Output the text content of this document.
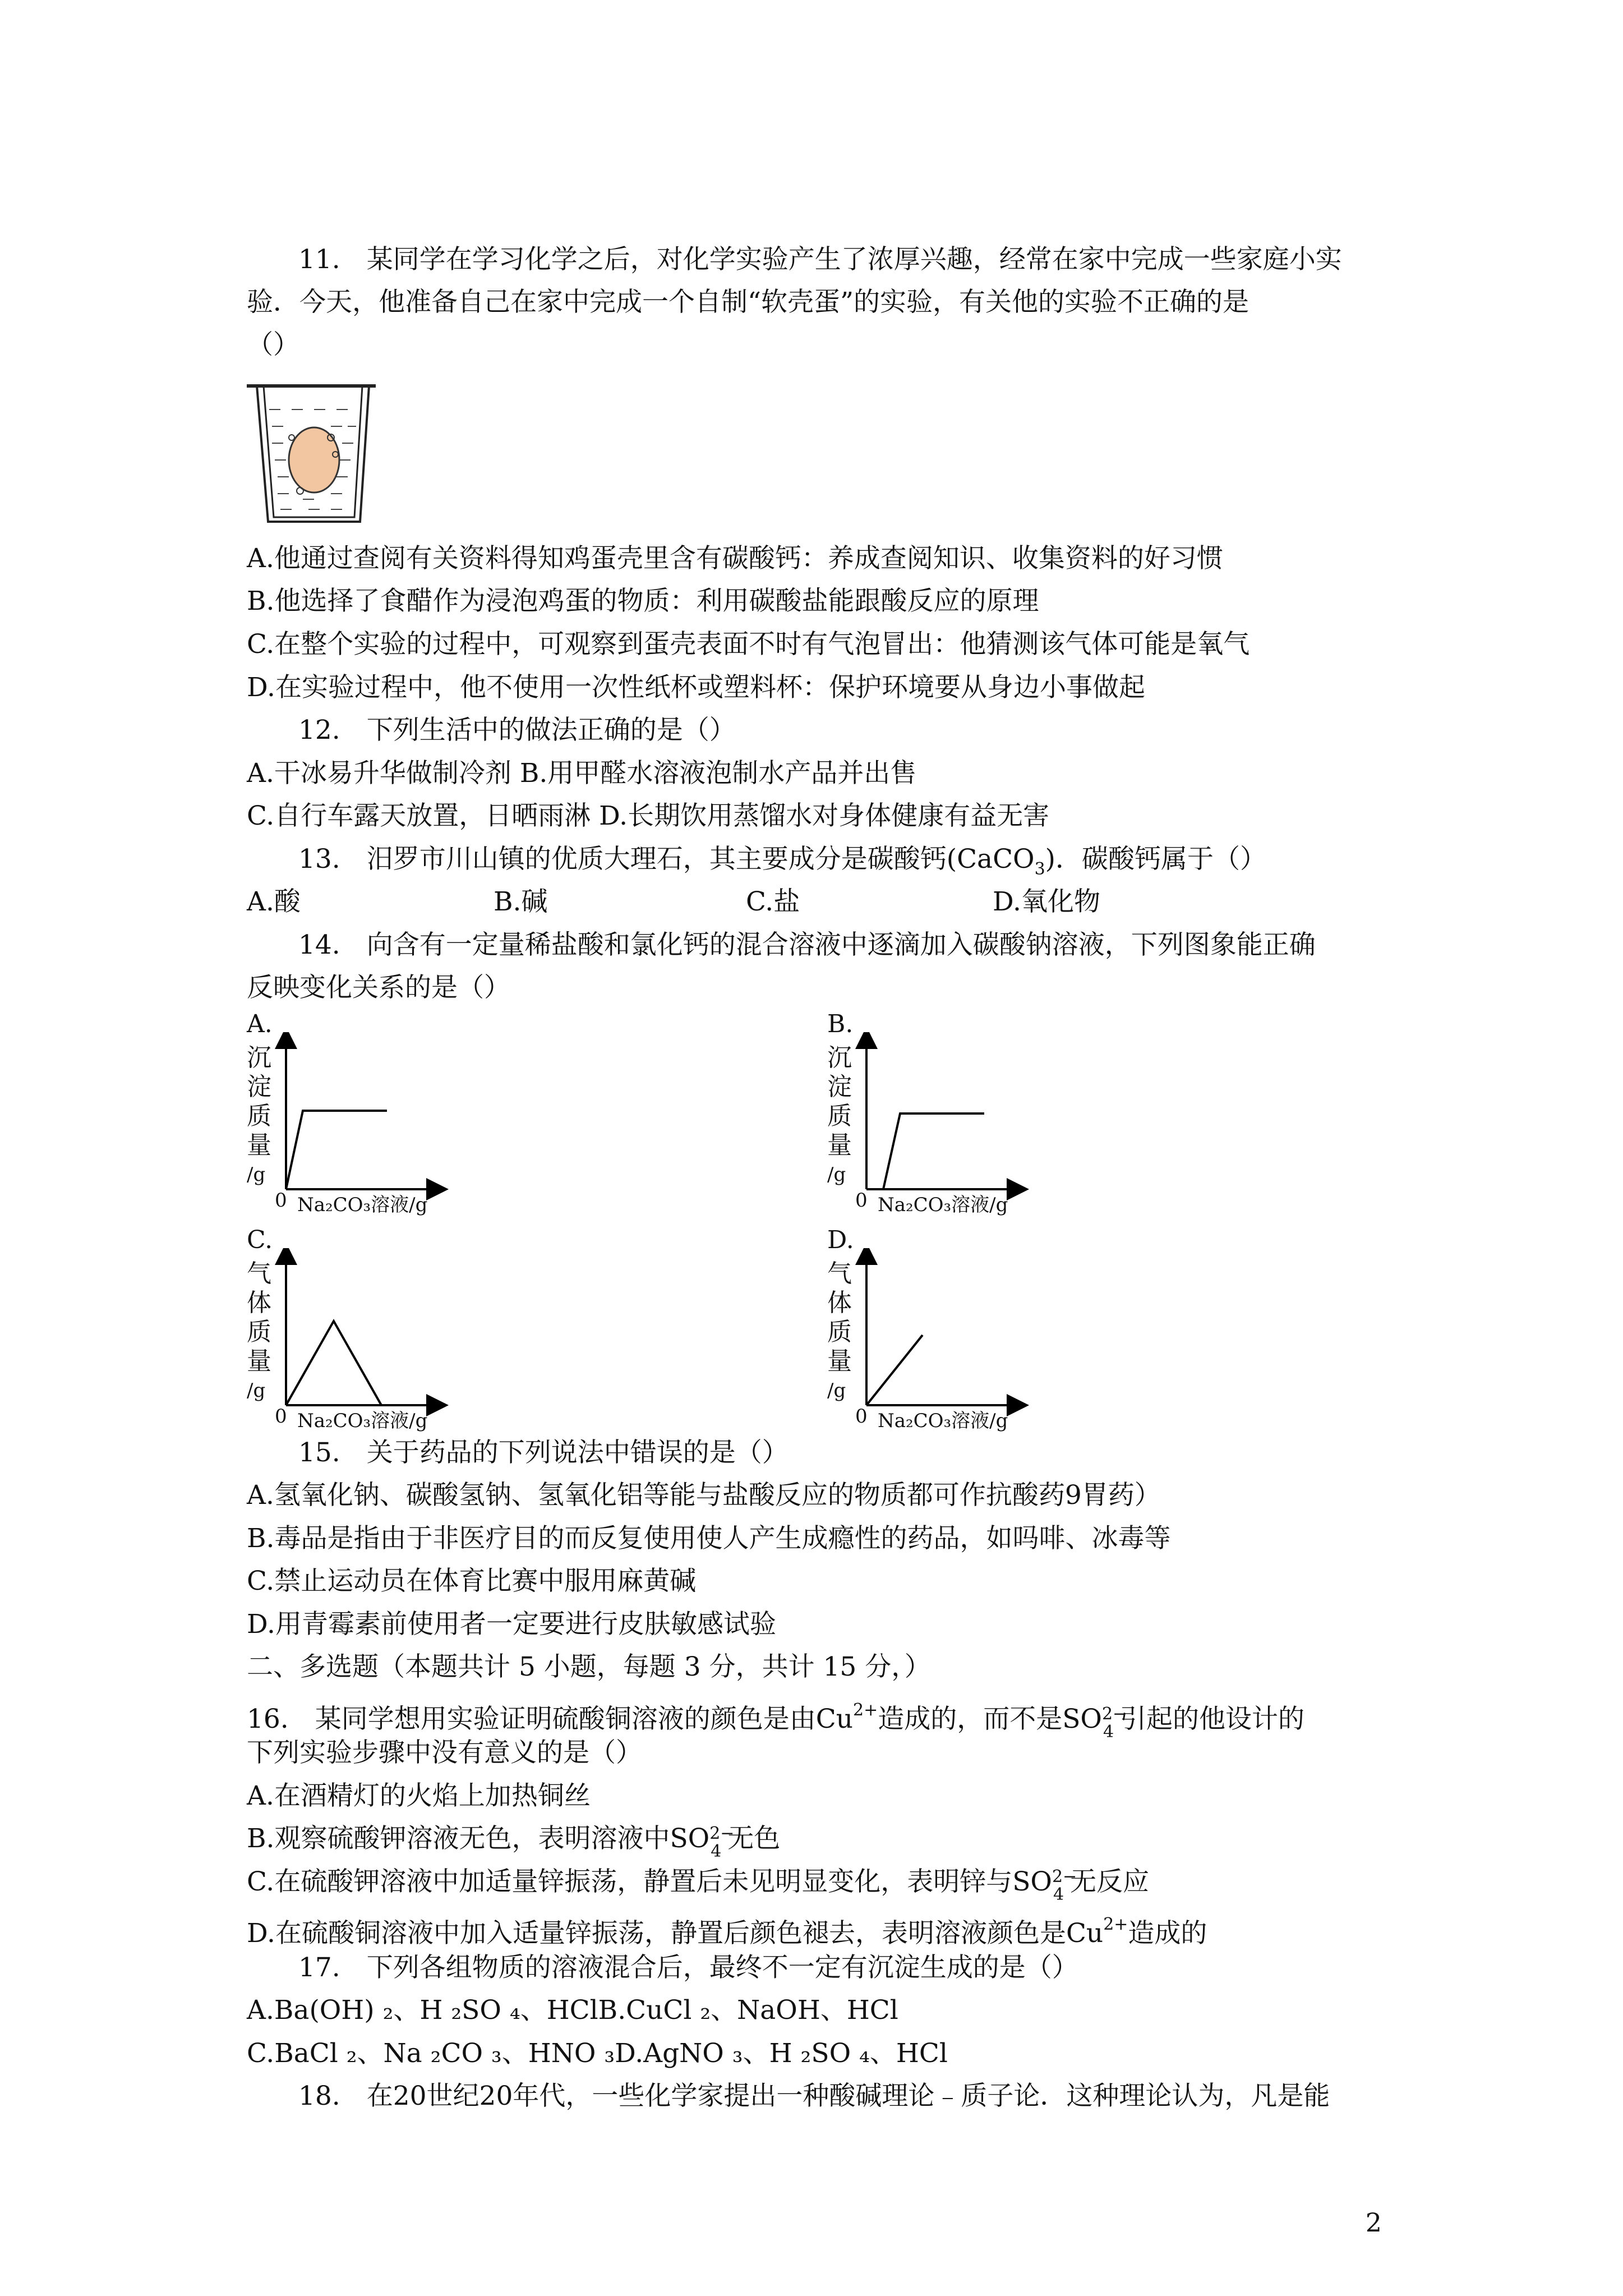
11.　某同学在学习化学之后，对化学实验产生了浓厚兴趣，经常在家中完成一些家庭小实
验．今天，他准备自己在家中完成一个自制“软壳蛋”的实验，有关他的实验不正确的是
（）
A.他通过查阅有关资料得知鸡蛋壳里含有碳酸钙：养成查阅知识、收集资料的好习惯
B.他选择了食醋作为浸泡鸡蛋的物质：利用碳酸盐能跟酸反应的原理
C.在整个实验的过程中，可观察到蛋壳表面不时有气泡冒出：他猜测该气体可能是氧气
D.在实验过程中，他不使用一次性纸杯或塑料杯：保护环境要从身边小事做起
12.　下列生活中的做法正确的是（）
A.干冰易升华做制冷剂 B.用甲醛水溶液泡制水产品并出售
C.自行车露天放置，日晒雨淋 D.长期饮用蒸馏水对身体健康有益无害
13.　汨罗市川山镇的优质大理石，其主要成分是碳酸钙(CaCO$_3$)．碳酸钙属于（）
A.酸	B.碱	C.盐	D.氧化物
14.　向含有一定量稀盐酸和氯化钙的混合溶液中逐滴加入碳酸钠溶液，下列图象能正确
反映变化关系的是（）
A.
沉
淀
质
量
/g
0 Na₂CO₃溶液/g
B.
沉
淀
质
量
/g
0 Na₂CO₃溶液/g
C.
气
体
质
量
/g
0 Na₂CO₃溶液/g
D.
气
体
质
量
/g
0 Na₂CO₃溶液/g
15.　关于药品的下列说法中错误的是（）
A.氢氧化钠、碳酸氢钠、氢氧化铝等能与盐酸反应的物质都可作抗酸药9胃药）
B.毒品是指由于非医疗目的而反复使用使人产生成瘾性的药品，如吗啡、冰毒等
C.禁止运动员在体育比赛中服用麻黄碱
D.用青霉素前使用者一定要进行皮肤敏感试验
二、多选题（本题共计 5 小题，每题 3 分，共计 15 分，）
16.　某同学想用实验证明硫酸铜溶液的颜色是由$Cu^{2+}$造成的，而不是SO 2−
4 引起的他设计的
下列实验步骤中没有意义的是（）
A.在酒精灯的火焰上加热铜丝
B.观察硫酸钾溶液无色，表明溶液中SO 2−
4 无色
C.在硫酸钾溶液中加适量锌振荡，静置后未见明显变化，表明锌与SO 2−
4 无反应
D.在硫酸铜溶液中加入适量锌振荡，静置后颜色褪去，表明溶液颜色是$Cu^{2+}$造成的
17.　下列各组物质的溶液混合后，最终不一定有沉淀生成的是（）
A.Ba(OH) ₂、H ₂SO ₄、HClB.CuCl ₂、NaOH、HCl
C.BaCl ₂、Na ₂CO ₃、HNO ₃D.AgNO ₃、H ₂SO ₄、HCl
18.　在20世纪20年代，一些化学家提出一种酸碱理论﹣质子论．这种理论认为，凡是能
2
